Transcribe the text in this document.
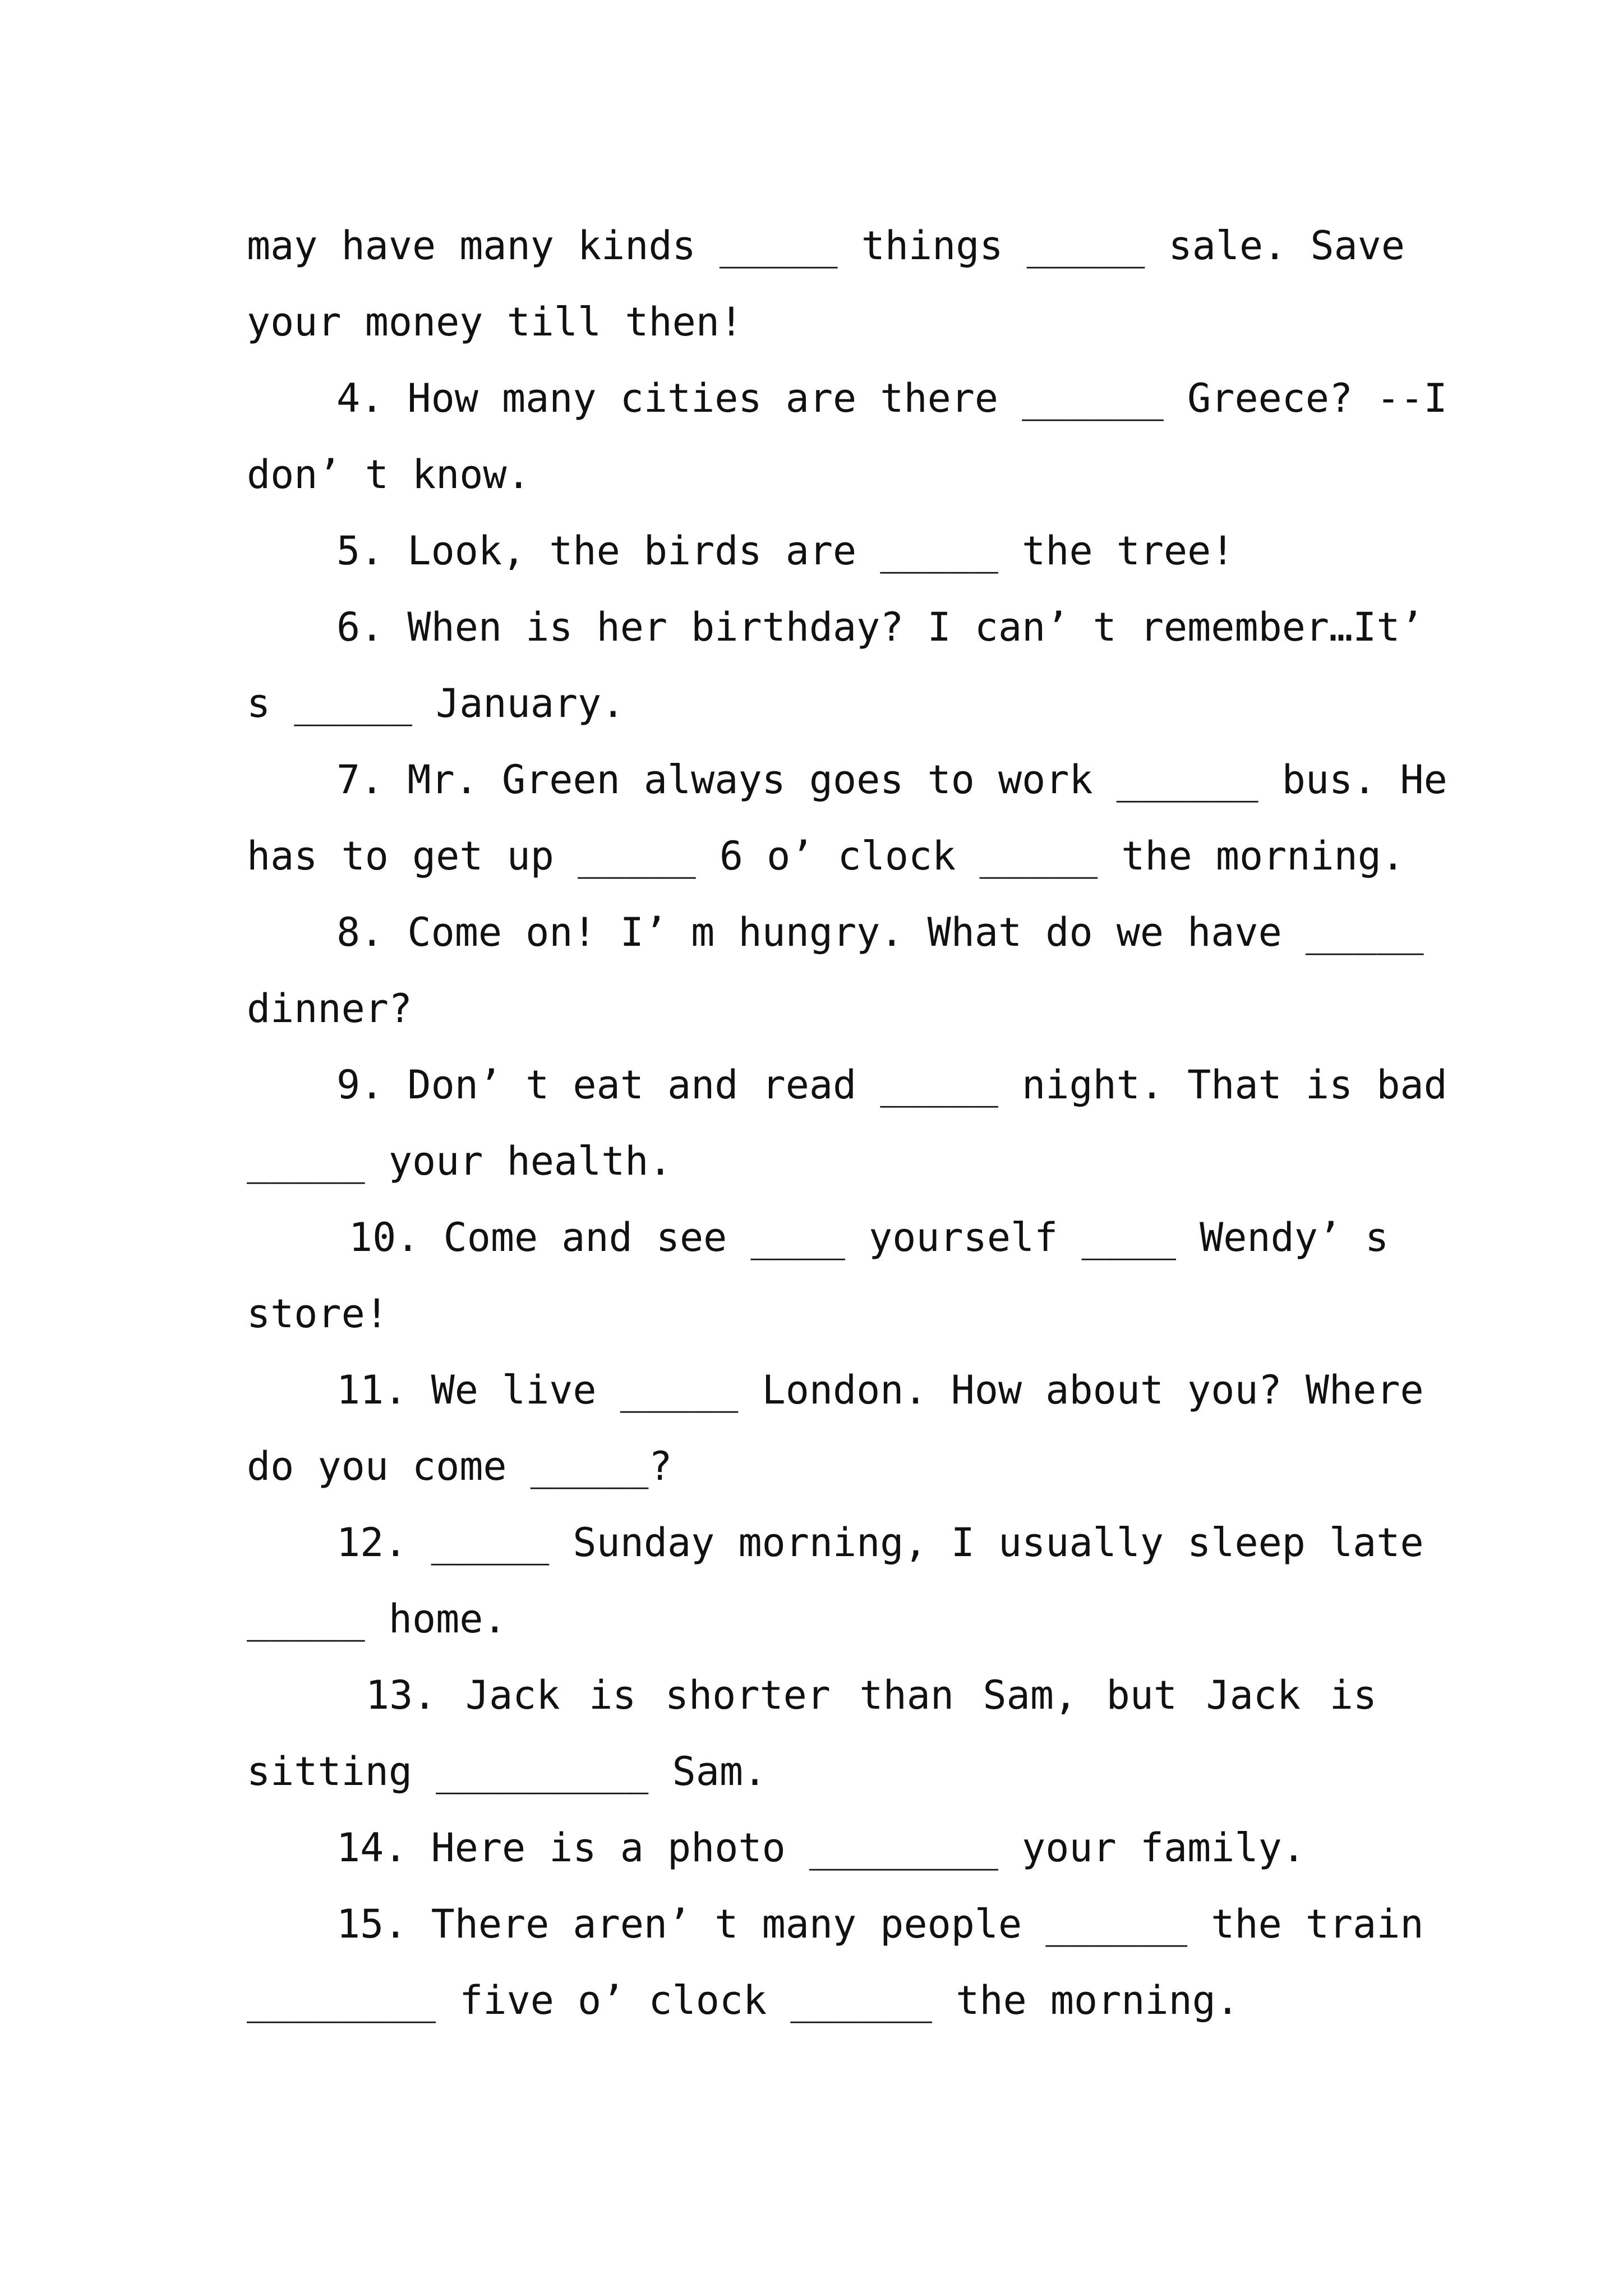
may have many kinds _____ things _____ sale. Save
your money till then!
4. How many cities are there ______ Greece? --I
don’ t know.
5. Look, the birds are _____ the tree!
6. When is her birthday? I can’ t remember…It’
s _____ January.
7. Mr. Green always goes to work ______ bus. He
has to get up _____ 6 o’ clock _____ the morning.
8. Come on! I’ m hungry. What do we have _____
dinner?
9. Don’ t eat and read _____ night. That is bad
_____ your health.
10. Come and see ____ yourself ____ Wendy’ s
store!
11. We live _____ London. How about you? Where
do you come _____?
12. _____ Sunday morning, I usually sleep late
_____ home.
13. Jack is shorter than Sam, but Jack is
sitting _________ Sam.
14. Here is a photo ________ your family.
15. There aren’ t many people ______ the train
________ five o’ clock ______ the morning.
